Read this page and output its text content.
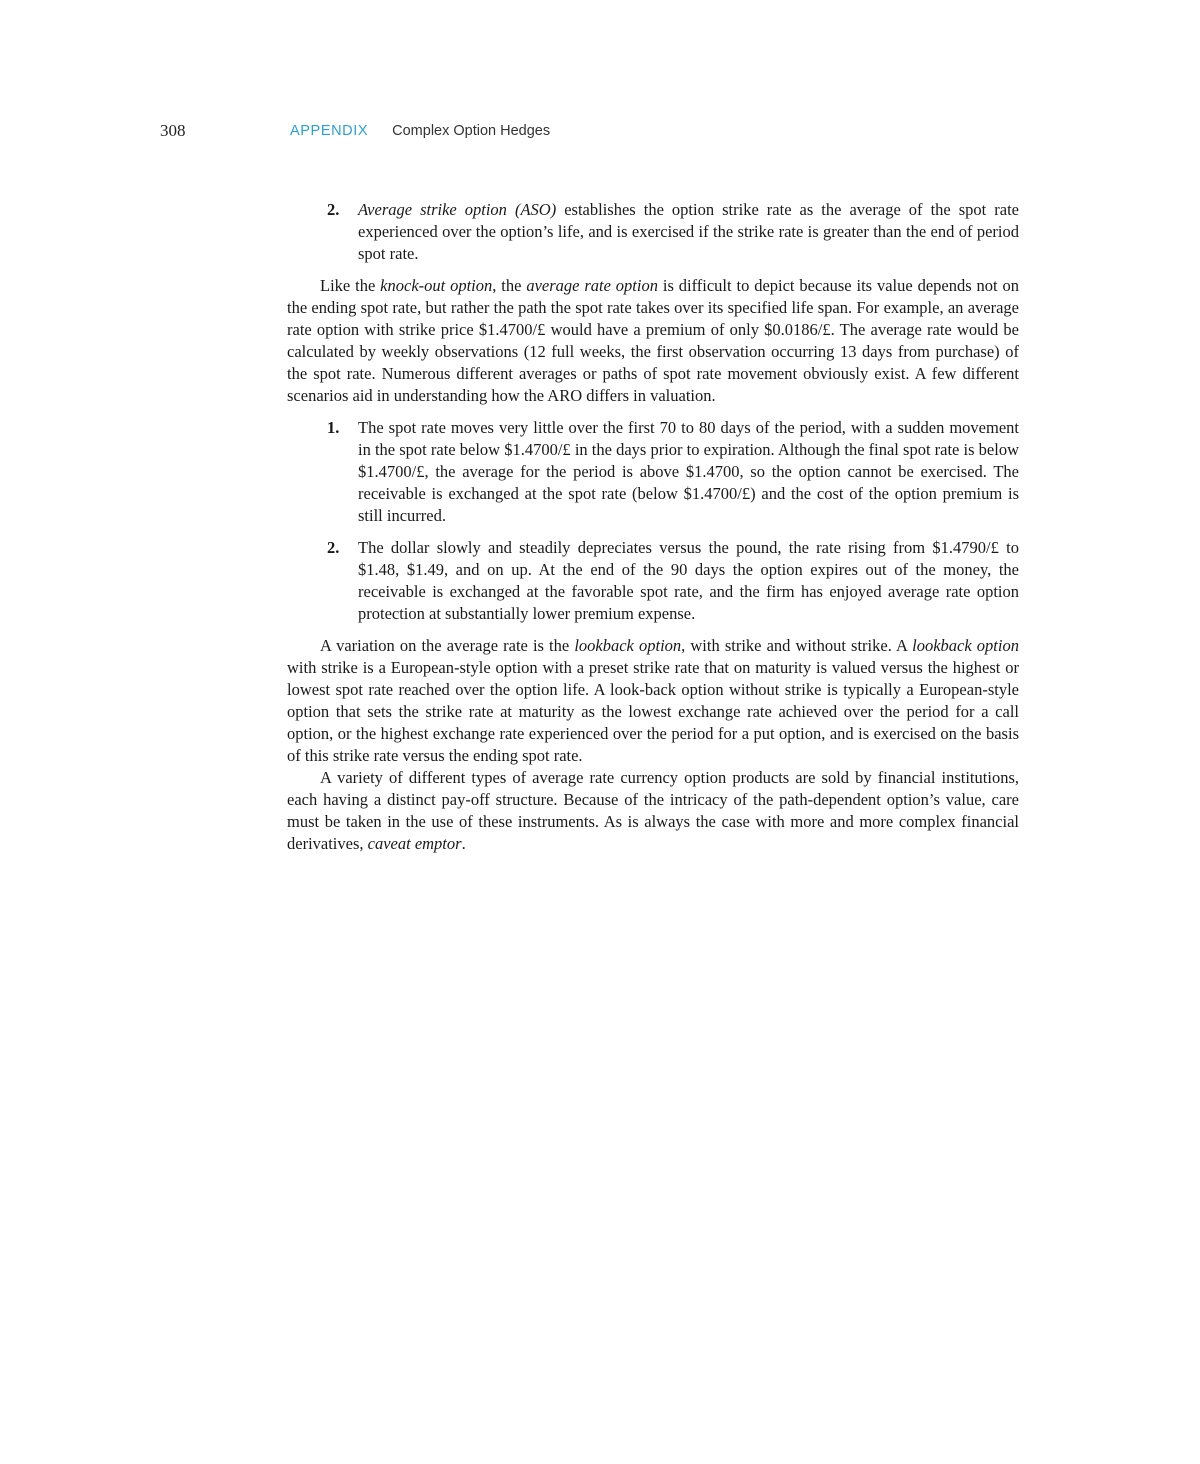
308	APPENDIX Complex Option Hedges

2. Average strike option (ASO) establishes the option strike rate as the average of the spot rate experienced over the option’s life, and is exercised if the strike rate is greater than the end of period spot rate.

Like the knock-out option, the average rate option is difficult to depict because its value depends not on the ending spot rate, but rather the path the spot rate takes over its specified life span. For example, an average rate option with strike price $1.4700/£ would have a premium of only $0.0186/£. The average rate would be calculated by weekly observations (12 full weeks, the first observation occurring 13 days from purchase) of the spot rate. Numerous different averages or paths of spot rate movement obviously exist. A few different scenarios aid in understanding how the ARO differs in valuation.

1. The spot rate moves very little over the first 70 to 80 days of the period, with a sudden movement in the spot rate below $1.4700/£ in the days prior to expiration. Although the final spot rate is below $1.4700/£, the average for the period is above $1.4700, so the option cannot be exercised. The receivable is exchanged at the spot rate (below $1.4700/£) and the cost of the option premium is still incurred.

2. The dollar slowly and steadily depreciates versus the pound, the rate rising from $1.4790/£ to $1.48, $1.49, and on up. At the end of the 90 days the option expires out of the money, the receivable is exchanged at the favorable spot rate, and the firm has enjoyed average rate option protection at substantially lower premium expense.

A variation on the average rate is the lookback option, with strike and without strike. A lookback option with strike is a European-style option with a preset strike rate that on maturity is valued versus the highest or lowest spot rate reached over the option life. A look-back option without strike is typically a European-style option that sets the strike rate at maturity as the lowest exchange rate achieved over the period for a call option, or the highest exchange rate experienced over the period for a put option, and is exercised on the basis of this strike rate versus the ending spot rate.

A variety of different types of average rate currency option products are sold by financial institutions, each having a distinct pay-off structure. Because of the intricacy of the path-dependent option’s value, care must be taken in the use of these instruments. As is always the case with more and more complex financial derivatives, caveat emptor.
